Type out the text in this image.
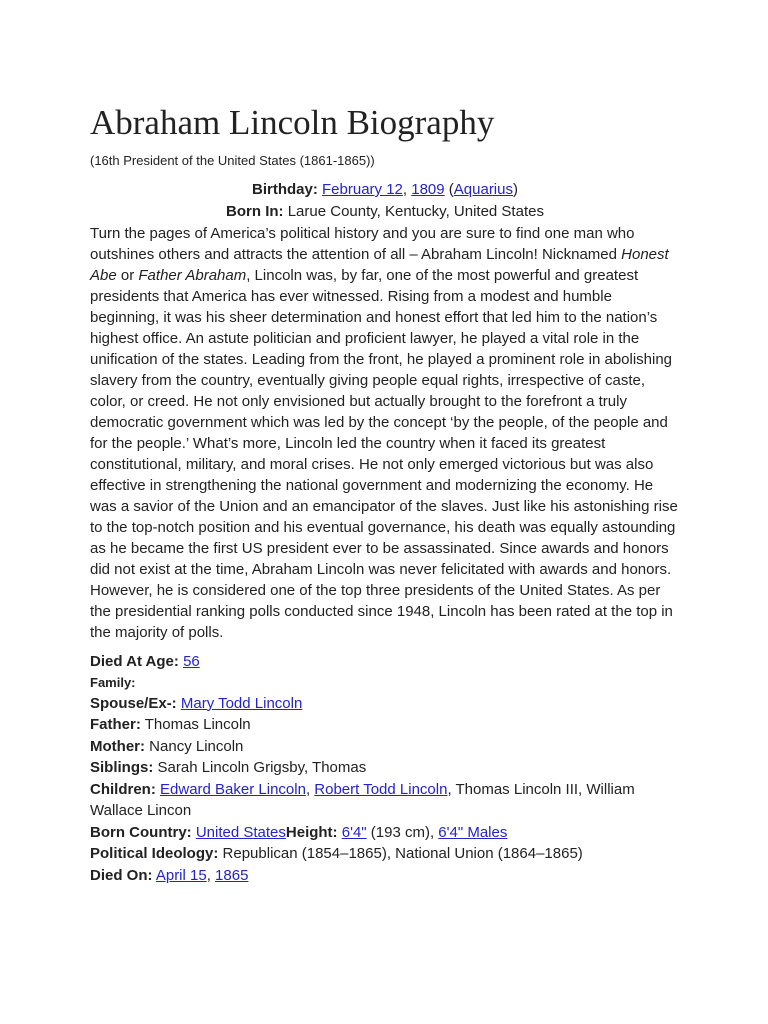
Abraham Lincoln Biography
(16th President of the United States (1861-1865))
Birthday: February 12, 1809 (Aquarius)
Born In: Larue County, Kentucky, United States

Turn the pages of America’s political history and you are sure to find one man who outshines others and attracts the attention of all – Abraham Lincoln! Nicknamed Honest Abe or Father Abraham, Lincoln was, by far, one of the most powerful and greatest presidents that America has ever witnessed. Rising from a modest and humble beginning, it was his sheer determination and honest effort that led him to the nation’s highest office. An astute politician and proficient lawyer, he played a vital role in the unification of the states. Leading from the front, he played a prominent role in abolishing slavery from the country, eventually giving people equal rights, irrespective of caste, color, or creed. He not only envisioned but actually brought to the forefront a truly democratic government which was led by the concept ‘by the people, of the people and for the people.’ What’s more, Lincoln led the country when it faced its greatest constitutional, military, and moral crises. He not only emerged victorious but was also effective in strengthening the national government and modernizing the economy. He was a savior of the Union and an emancipator of the slaves. Just like his astonishing rise to the top-notch position and his eventual governance, his death was equally astounding as he became the first US president ever to be assassinated. Since awards and honors did not exist at the time, Abraham Lincoln was never felicitated with awards and honors. However, he is considered one of the top three presidents of the United States. As per the presidential ranking polls conducted since 1948, Lincoln has been rated at the top in the majority of polls.

Died At Age: 56
Family:
Spouse/Ex-: Mary Todd Lincoln
Father: Thomas Lincoln
Mother: Nancy Lincoln
Siblings: Sarah Lincoln Grigsby, Thomas
Children: Edward Baker Lincoln, Robert Todd Lincoln, Thomas Lincoln III, William Wallace Lincon
Born Country: United StatesHeight: 6'4" (193 cm), 6'4" Males
Political Ideology: Republican (1854–1865), National Union (1864–1865)
Died On: April 15, 1865
